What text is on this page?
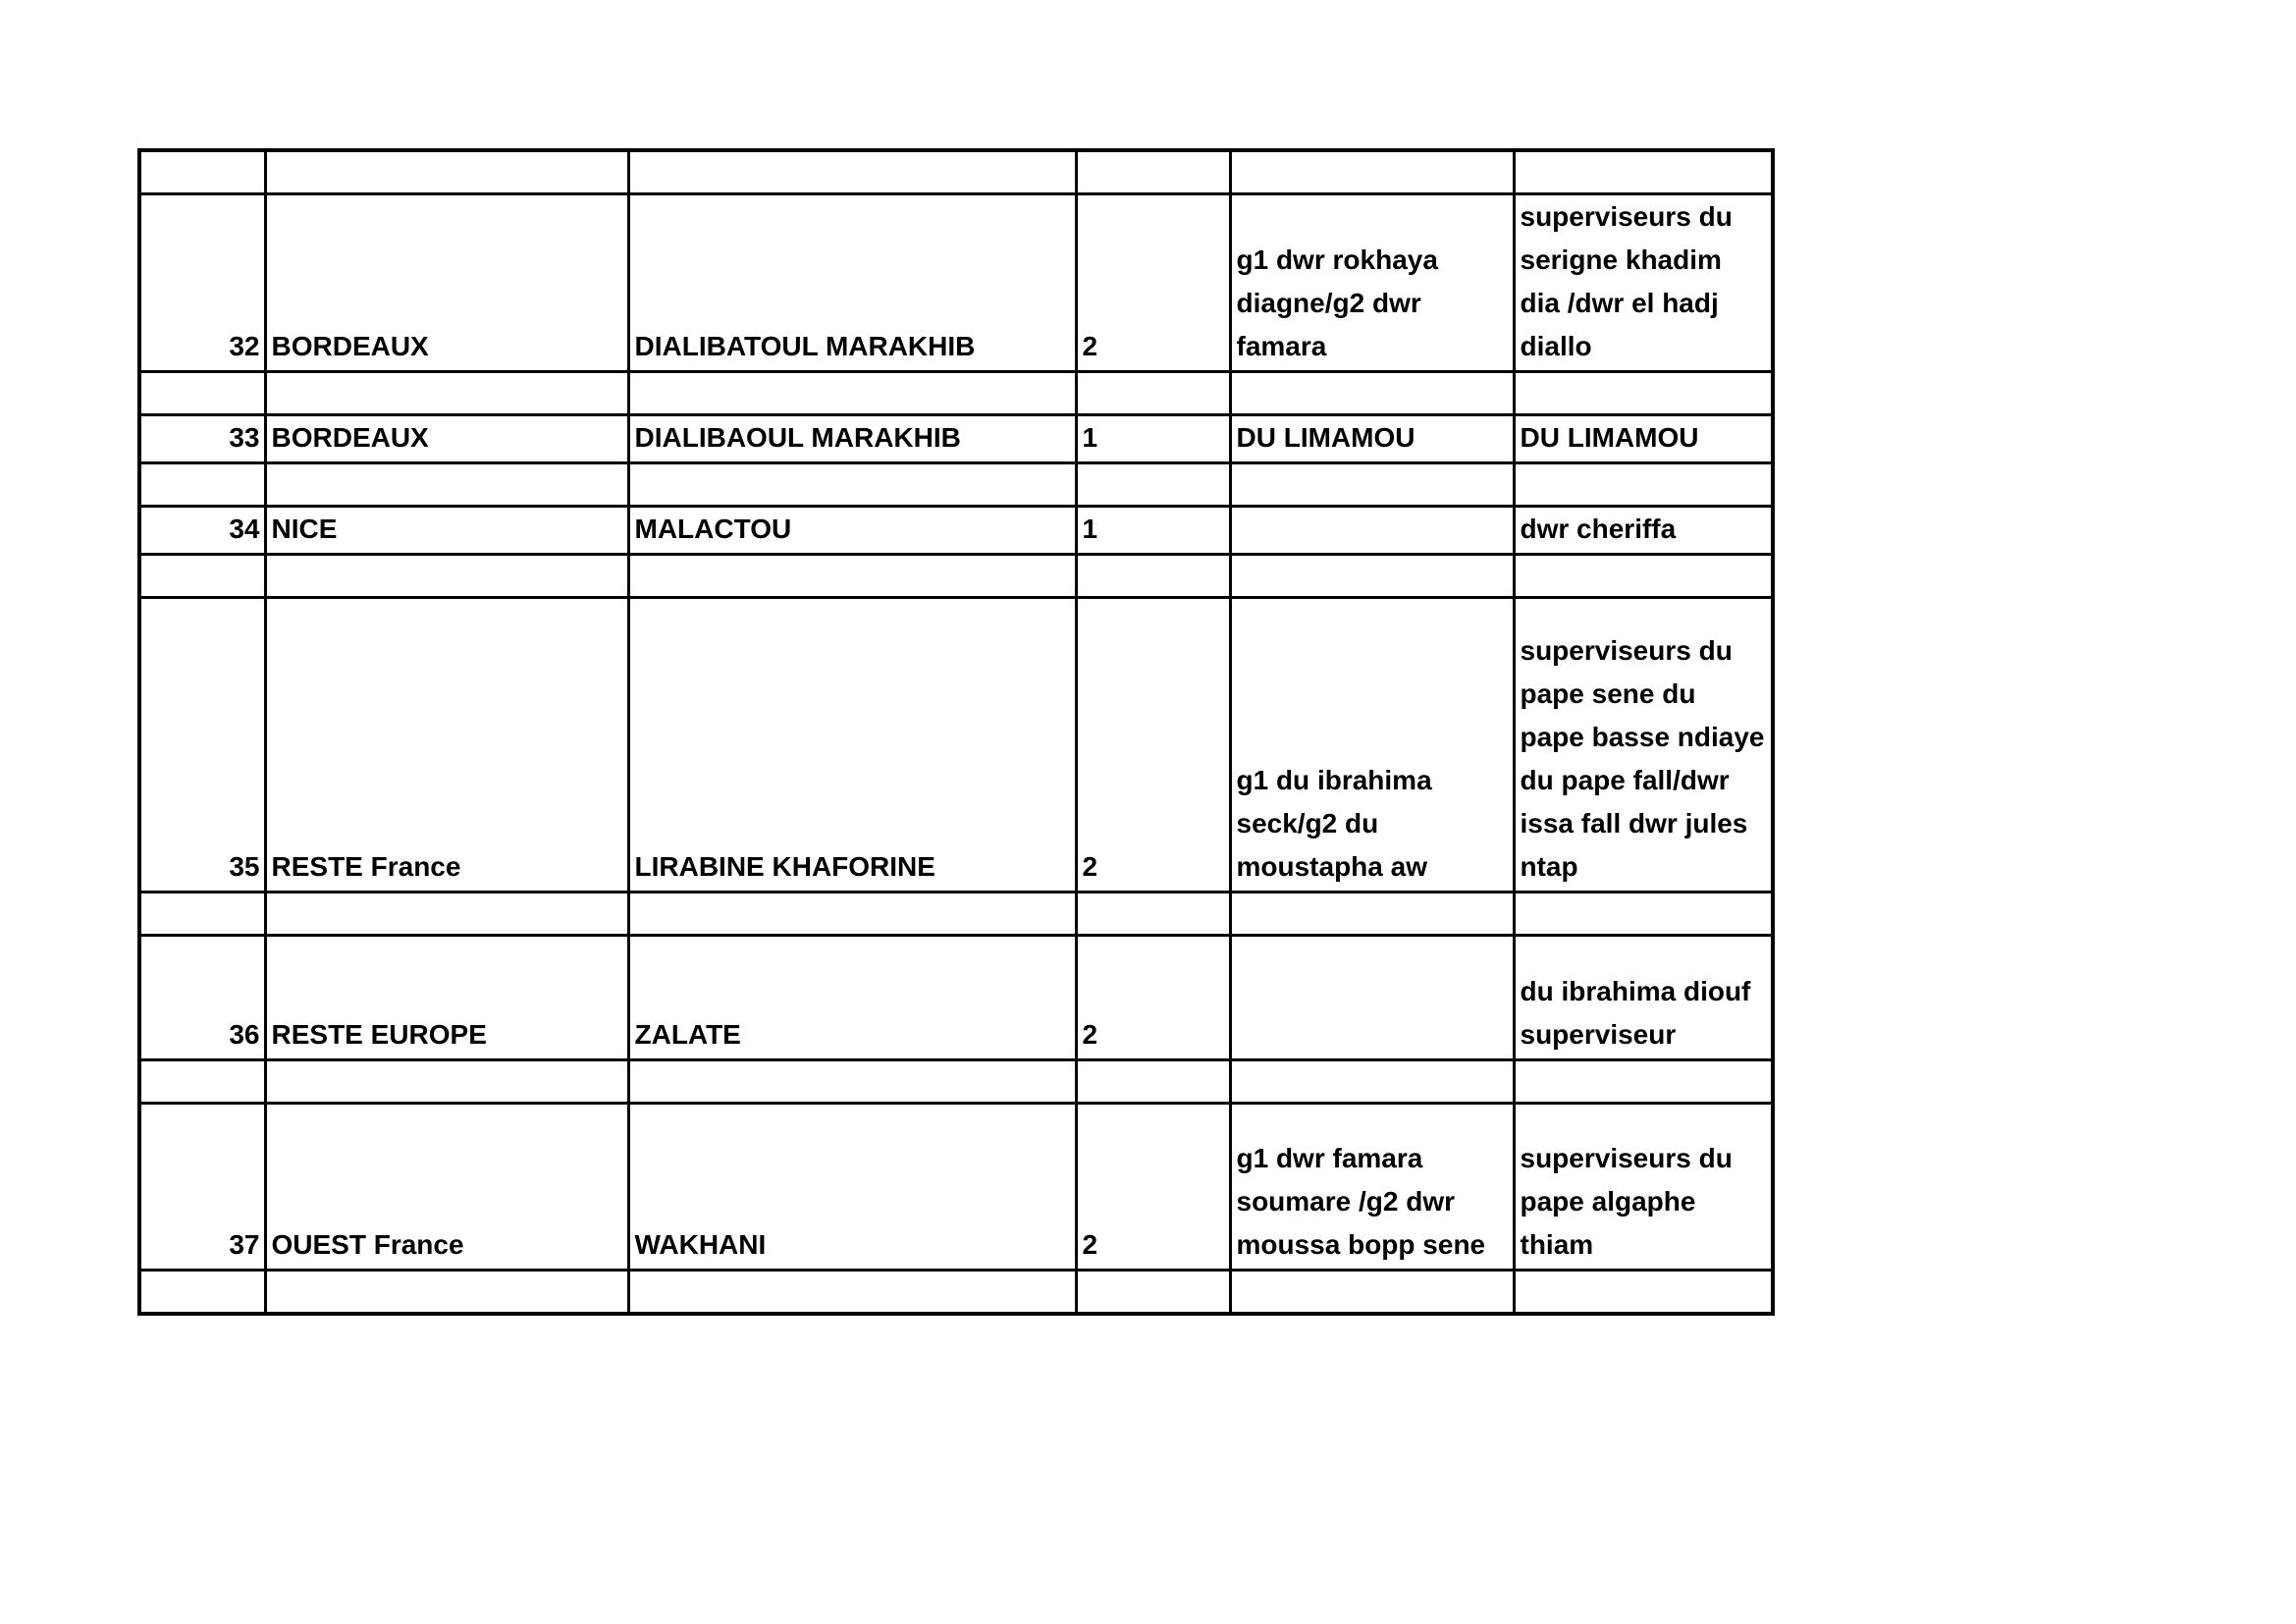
32	BORDEAUX	DIALIBATOUL MARAKHIB	2	g1 dwr rokhaya diagne/g2 dwr famara	superviseurs du serigne khadim dia /dwr el hadj diallo

33	BORDEAUX	DIALIBAOUL MARAKHIB	1	DU LIMAMOU	DU LIMAMOU

34	NICE	MALACTOU	1		dwr cheriffa

35	RESTE France	LIRABINE KHAFORINE	2	g1 du ibrahima seck/g2 du moustapha aw	superviseurs du pape sene du pape basse ndiaye du pape fall/dwr issa fall dwr jules ntap

36	RESTE EUROPE	ZALATE	2		du ibrahima diouf superviseur

37	OUEST France	WAKHANI	2	g1 dwr famara soumare /g2 dwr moussa bopp sene	superviseurs du pape algaphe thiam
